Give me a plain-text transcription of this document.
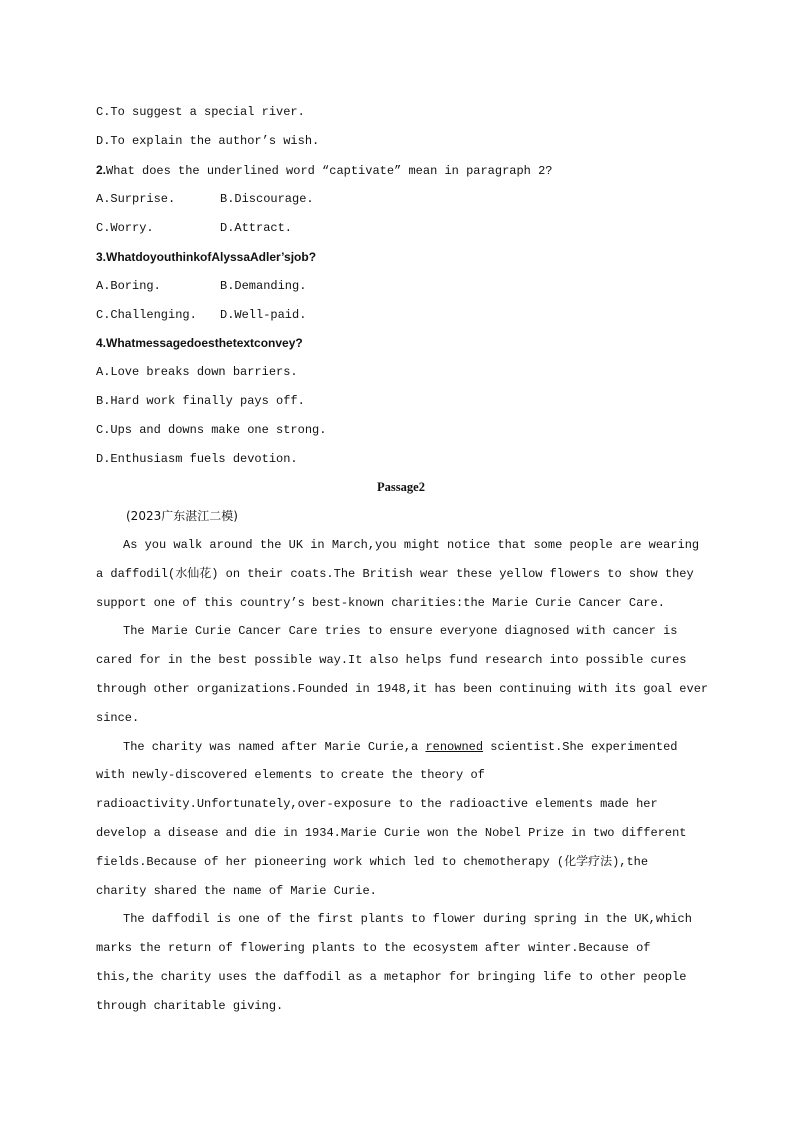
C.To suggest a special river.

D.To explain the author’s wish.

2.What does the underlined word “captivate” mean in paragraph 2?

A.Surprise.	B.Discourage.
C.Worry.	D.Attract.

3.WhatdoyouthinkofAlyssaAdler’sjob?

A.Boring.	B.Demanding.
C.Challenging.	D.Well-paid.

4.Whatmessagedoesthetextconvey?

A.Love breaks down barriers.

B.Hard work finally pays off.

C.Ups and downs make one strong.

D.Enthusiasm fuels devotion.

Passage2

(2023广东湛江二模)

As you walk around the UK in March,you might notice that some people are wearing

a daffodil(水仙花) on their coats.The British wear these yellow flowers to show they

support one of this country’s best-known charities:the Marie Curie Cancer Care.

The Marie Curie Cancer Care tries to ensure everyone diagnosed with cancer is

cared for in the best possible way.It also helps fund research into possible cures

through other organizations.Founded in 1948,it has been continuing with its goal ever

since.

The charity was named after Marie Curie,a renowned scientist.She experimented

with newly-discovered elements to create the theory of

radioactivity.Unfortunately,over-exposure to the radioactive elements made her

develop a disease and die in 1934.Marie Curie won the Nobel Prize in two different

fields.Because of her pioneering work which led to chemotherapy (化学疗法),the

charity shared the name of Marie Curie.

The daffodil is one of the first plants to flower during spring in the UK,which

marks the return of flowering plants to the ecosystem after winter.Because of

this,the charity uses the daffodil as a metaphor for bringing life to other people

through charitable giving.
